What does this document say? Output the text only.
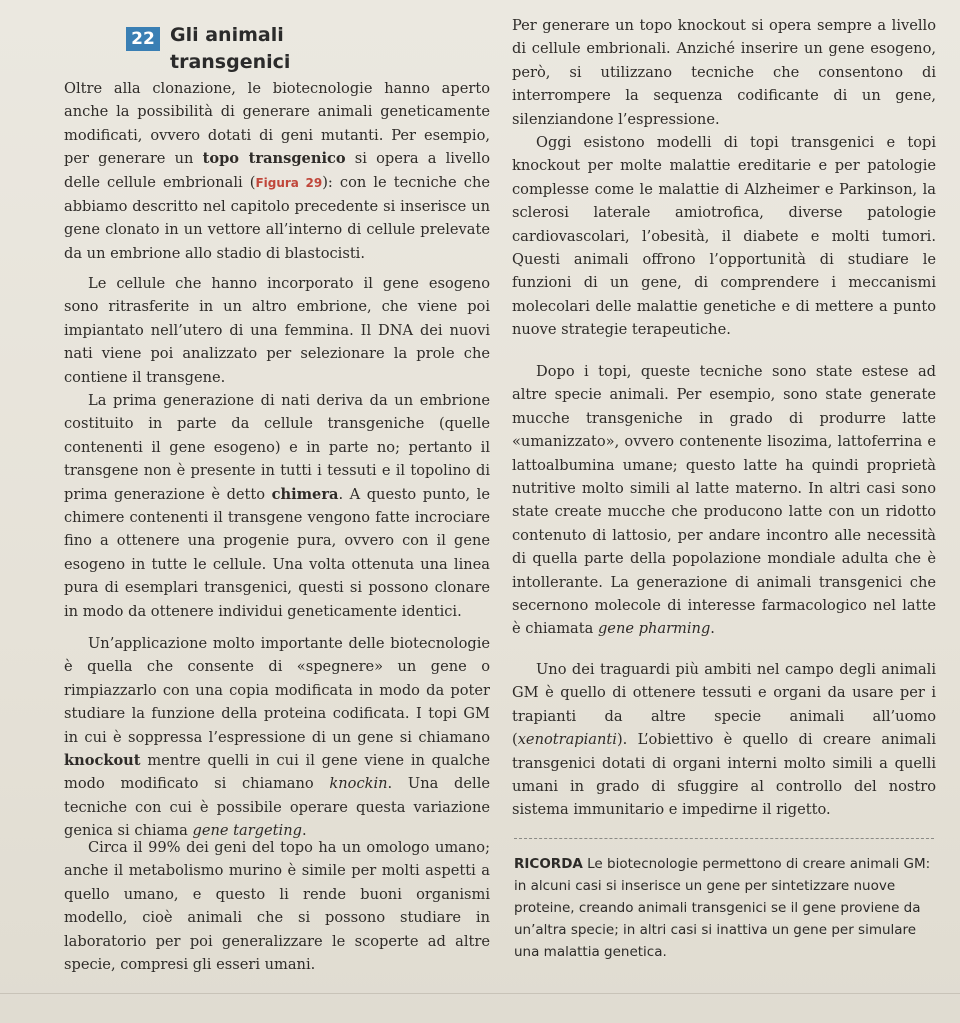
22 Gli animali
transgenici

Oltre alla clonazione, le biotecnologie hanno aperto anche la possibilità di generare animali geneticamente modificati, ovvero dotati di geni mutanti. Per esempio, per generare un topo transgenico si opera a livello delle cellule embrionali (Figura 29): con le tecniche che abbiamo descritto nel capitolo precedente si inserisce un gene clonato in un vettore all’interno di cellule prelevate da un embrione allo stadio di blastocisti.

Le cellule che hanno incorporato il gene esogeno sono ritrasferite in un altro embrione, che viene poi impiantato nell’utero di una femmina. Il DNA dei nuovi nati viene poi analizzato per selezionare la prole che contiene il transgene.

La prima generazione di nati deriva da un embrione costituito in parte da cellule transgeniche (quelle contenenti il gene esogeno) e in parte no; pertanto il transgene non è presente in tutti i tessuti e il topolino di prima generazione è detto chimera. A questo punto, le chimere contenenti il transgene vengono fatte incrociare fino a ottenere una progenie pura, ovvero con il gene esogeno in tutte le cellule. Una volta ottenuta una linea pura di esemplari transgenici, questi si possono clonare in modo da ottenere individui geneticamente identici.

Un’applicazione molto importante delle biotecnologie è quella che consente di «spegnere» un gene o rimpiazzarlo con una copia modificata in modo da poter studiare la funzione della proteina codificata. I topi GM in cui è soppressa l’espressione di un gene si chiamano knockout mentre quelli in cui il gene viene in qualche modo modificato si chiamano knockin. Una delle tecniche con cui è possibile operare questa variazione genica si chiama gene targeting.

Circa il 99% dei geni del topo ha un omologo umano; anche il metabolismo murino è simile per molti aspetti a quello umano, e questo li rende buoni organismi modello, cioè animali che si possono studiare in laboratorio per poi generalizzare le scoperte ad altre specie, compresi gli esseri umani.

Per generare un topo knockout si opera sempre a livello di cellule embrionali. Anziché inserire un gene esogeno, però, si utilizzano tecniche che consentono di interrompere la sequenza codificante di un gene, silenziandone l’espressione.

Oggi esistono modelli di topi transgenici e topi knockout per molte malattie ereditarie e per patologie complesse come le malattie di Alzheimer e Parkinson, la sclerosi laterale amiotrofica, diverse patologie cardiovascolari, l’obesità, il diabete e molti tumori. Questi animali offrono l’opportunità di studiare le funzioni di un gene, di comprendere i meccanismi molecolari delle malattie genetiche e di mettere a punto nuove strategie terapeutiche.

Dopo i topi, queste tecniche sono state estese ad altre specie animali. Per esempio, sono state generate mucche transgeniche in grado di produrre latte «umanizzato», ovvero contenente lisozima, lattoferrina e lattoalbumina umane; questo latte ha quindi proprietà nutritive molto simili al latte materno. In altri casi sono state create mucche che producono latte con un ridotto contenuto di lattosio, per andare incontro alle necessità di quella parte della popolazione mondiale adulta che è intollerante. La generazione di animali transgenici che secernono molecole di interesse farmacologico nel latte è chiamata gene pharming.

Uno dei traguardi più ambiti nel campo degli animali GM è quello di ottenere tessuti e organi da usare per i trapianti da altre specie animali all’uomo (xenotrapianti). L’obiettivo è quello di creare animali transgenici dotati di organi interni molto simili a quelli umani in grado di sfuggire al controllo del nostro sistema immunitario e impedirne il rigetto.

RICORDA Le biotecnologie permettono di creare animali GM: in alcuni casi si inserisce un gene per sintetizzare nuove proteine, creando animali transgenici se il gene proviene da un’altra specie; in altri casi si inattiva un gene per simulare una malattia genetica.
